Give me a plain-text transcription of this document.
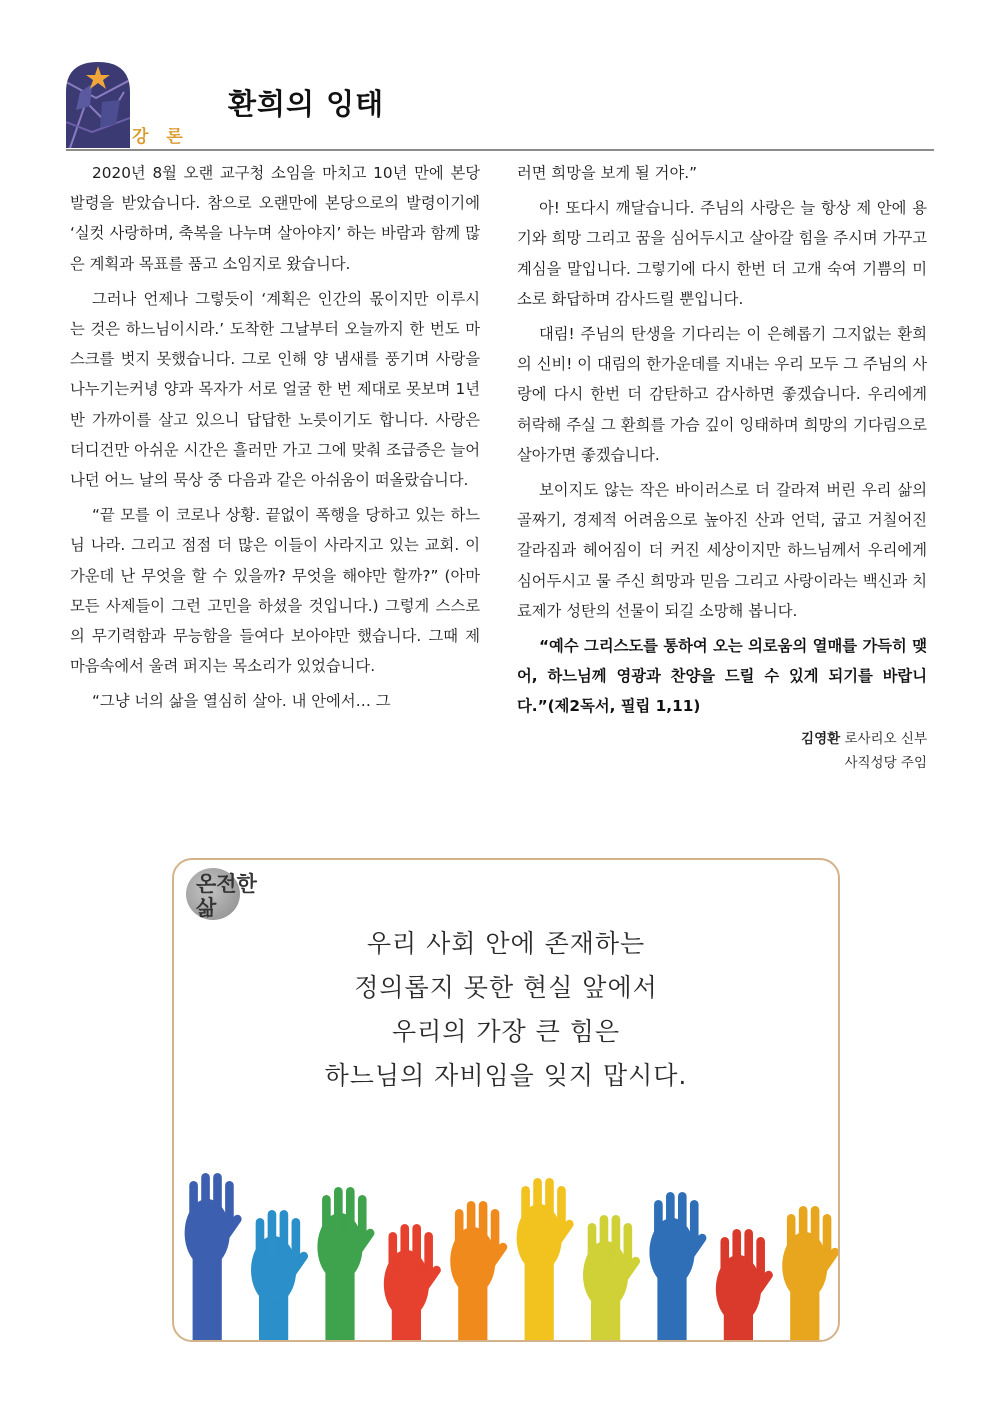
강 론
환희의 잉태

2020년 8월 오랜 교구청 소임을 마치고 10년 만에 본당 발령을 받았습니다. 참으로 오랜만에 본당으로의 발령이기에 ‘실컷 사랑하며, 축복을 나누며 살아야지’ 하는 바람과 함께 많은 계획과 목표를 품고 소임지로 왔습니다.

그러나 언제나 그렇듯이 ‘계획은 인간의 몫이지만 이루시는 것은 하느님이시라.’ 도착한 그날부터 오늘까지 한 번도 마스크를 벗지 못했습니다. 그로 인해 양 냄새를 풍기며 사랑을 나누기는커녕 양과 목자가 서로 얼굴 한 번 제대로 못보며 1년 반 가까이를 살고 있으니 답답한 노릇이기도 합니다. 사랑은 더디건만 아쉬운 시간은 흘러만 가고 그에 맞춰 조급증은 늘어나던 어느 날의 묵상 중 다음과 같은 아쉬움이 떠올랐습니다.

“끝 모를 이 코로나 상황. 끝없이 폭행을 당하고 있는 하느님 나라. 그리고 점점 더 많은 이들이 사라지고 있는 교회. 이 가운데 난 무엇을 할 수 있을까? 무엇을 해야만 할까?” (아마 모든 사제들이 그런 고민을 하셨을 것입니다.) 그렇게 스스로의 무기력함과 무능함을 들여다 보아야만 했습니다. 그때 제 마음속에서 울려 퍼지는 목소리가 있었습니다.

“그냥 너의 삶을 열심히 살아. 내 안에서… 그

러면 희망을 보게 될 거야.”

아! 또다시 깨달습니다. 주님의 사랑은 늘 항상 제 안에 용기와 희망 그리고 꿈을 심어두시고 살아갈 힘을 주시며 가꾸고 계심을 말입니다. 그렇기에 다시 한번 더 고개 숙여 기쁨의 미소로 화답하며 감사드릴 뿐입니다.

대림! 주님의 탄생을 기다리는 이 은혜롭기 그지없는 환희의 신비! 이 대림의 한가운데를 지내는 우리 모두 그 주님의 사랑에 다시 한번 더 감탄하고 감사하면 좋겠습니다. 우리에게 허락해 주실 그 환희를 가슴 깊이 잉태하며 희망의 기다림으로 살아가면 좋겠습니다.

보이지도 않는 작은 바이러스로 더 갈라져 버린 우리 삶의 골짜기, 경제적 어려움으로 높아진 산과 언덕, 굽고 거칠어진 갈라짐과 헤어짐이 더 커진 세상이지만 하느님께서 우리에게 심어두시고 물 주신 희망과 믿음 그리고 사랑이라는 백신과 치료제가 성탄의 선물이 되길 소망해 봅니다.

“예수 그리스도를 통하여 오는 의로움의 열매를 가득히 맺어, 하느님께 영광과 찬양을 드릴 수 있게 되기를 바랍니다.”(제2독서, 필립 1,11)

김영환 로사리오 신부
사직성당 주임
온전한 삶
우리 사회 안에 존재하는
정의롭지 못한 현실 앞에서
우리의 가장 큰 힘은
하느님의 자비임을 잊지 맙시다.
